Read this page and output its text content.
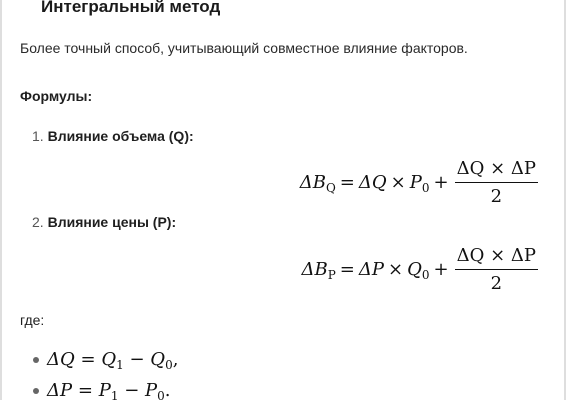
Интегральный метод

Более точный способ, учитывающий совместное влияние факторов.

Формулы:

1. Влияние объема (Q):

$\Delta B_Q = \Delta Q \times P_0 + \frac{\Delta Q \times \Delta P}{2}$

2. Влияние цены (P):

$\Delta B_P = \Delta P \times Q_0 + \frac{\Delta Q \times \Delta P}{2}$

где:

$\Delta Q = Q_1 - Q_0$,
$\Delta P = P_1 - P_0$.
